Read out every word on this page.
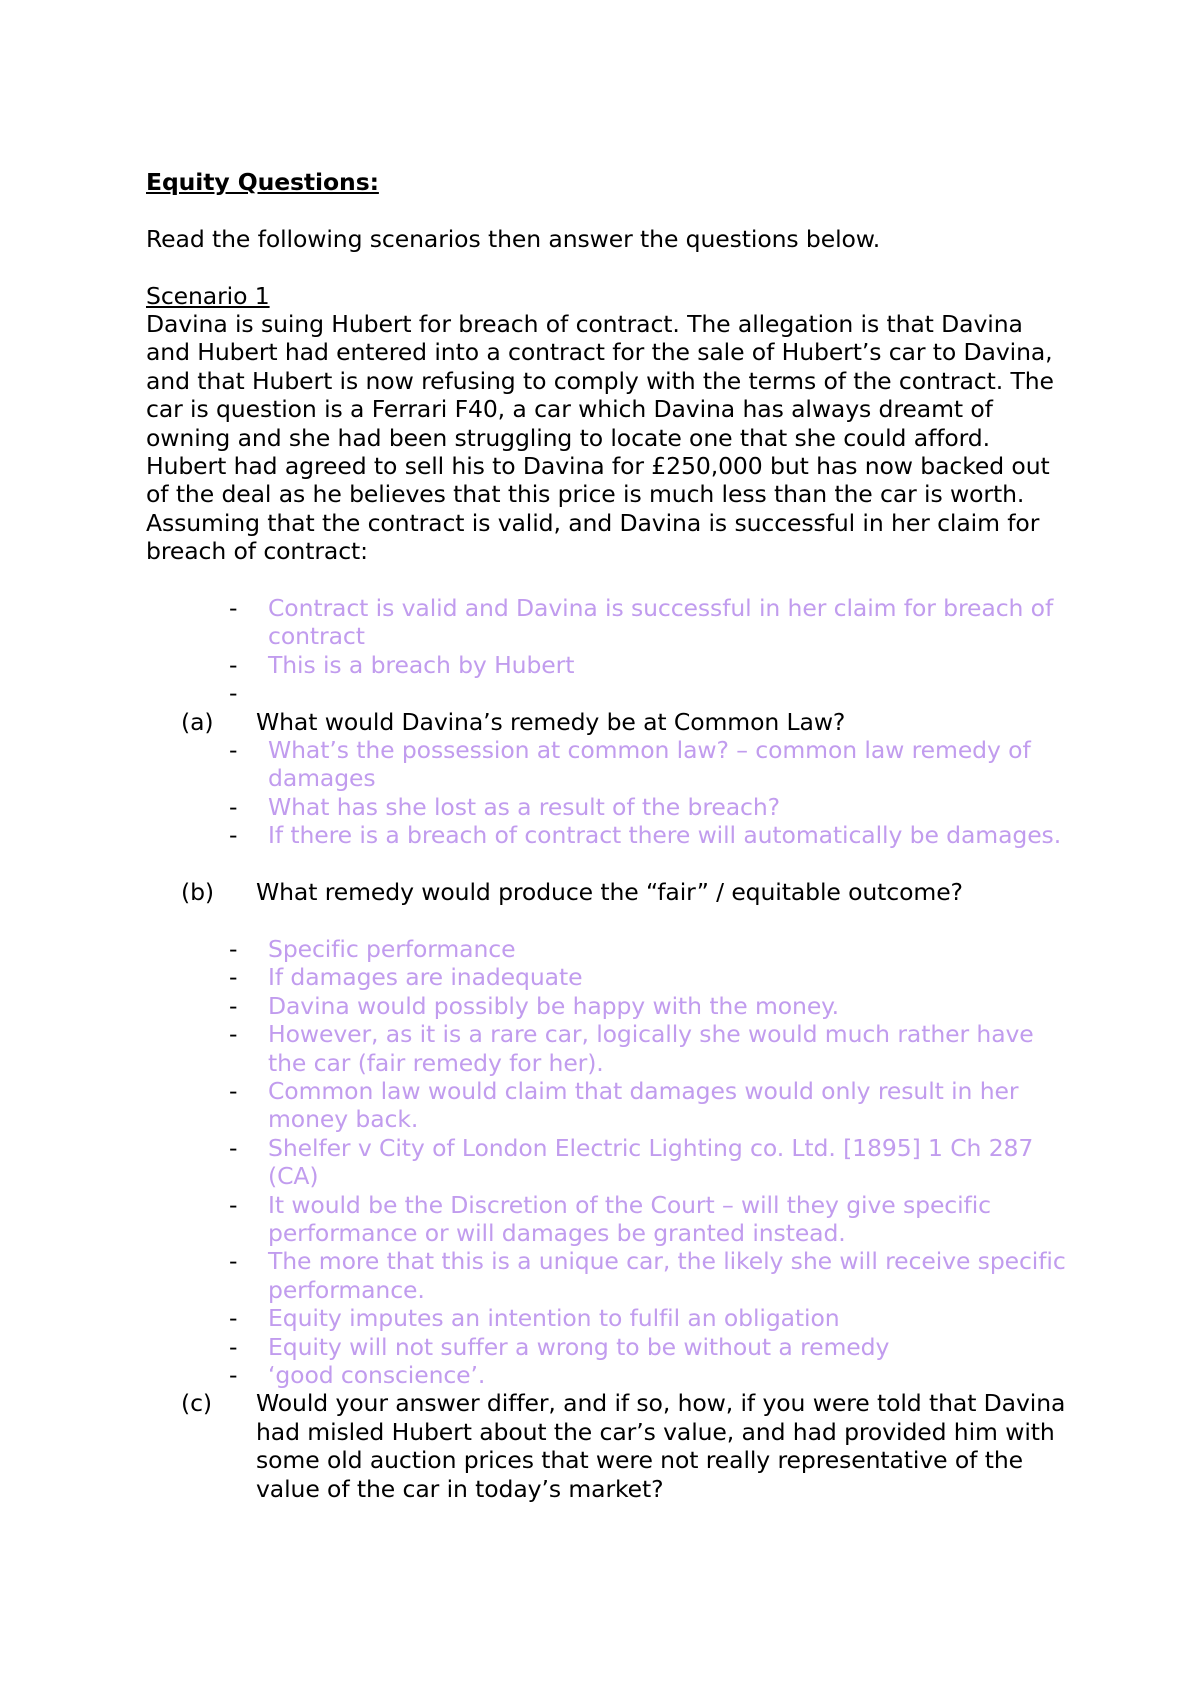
Equity Questions:

Read the following scenarios then answer the questions below.

Scenario 1

Davina is suing Hubert for breach of contract. The allegation is that Davina and Hubert had entered into a contract for the sale of Hubert’s car to Davina, and that Hubert is now refusing to comply with the terms of the contract. The car is question is a Ferrari F40, a car which Davina has always dreamt of owning and she had been struggling to locate one that she could afford. Hubert had agreed to sell his to Davina for £250,000 but has now backed out of the deal as he believes that this price is much less than the car is worth. Assuming that the contract is valid, and Davina is successful in her claim for breach of contract:

- Contract is valid and Davina is successful in her claim for breach of contract
- This is a breach by Hubert
-

(a) What would Davina’s remedy be at Common Law?

- What’s the possession at common law? – common law remedy of damages
- What has she lost as a result of the breach?
- If there is a breach of contract there will automatically be damages.

(b) What remedy would produce the “fair” / equitable outcome?

- Specific performance
- If damages are inadequate
- Davina would possibly be happy with the money.
- However, as it is a rare car, logically she would much rather have the car (fair remedy for her).
- Common law would claim that damages would only result in her money back.
- Shelfer v City of London Electric Lighting co. Ltd. [1895] 1 Ch 287 (CA)
- It would be the Discretion of the Court – will they give specific performance or will damages be granted instead.
- The more that this is a unique car, the likely she will receive specific performance.
- Equity imputes an intention to fulfil an obligation
- Equity will not suffer a wrong to be without a remedy
- ‘good conscience’.

(c) Would your answer differ, and if so, how, if you were told that Davina had misled Hubert about the car’s value, and had provided him with some old auction prices that were not really representative of the value of the car in today’s market?
